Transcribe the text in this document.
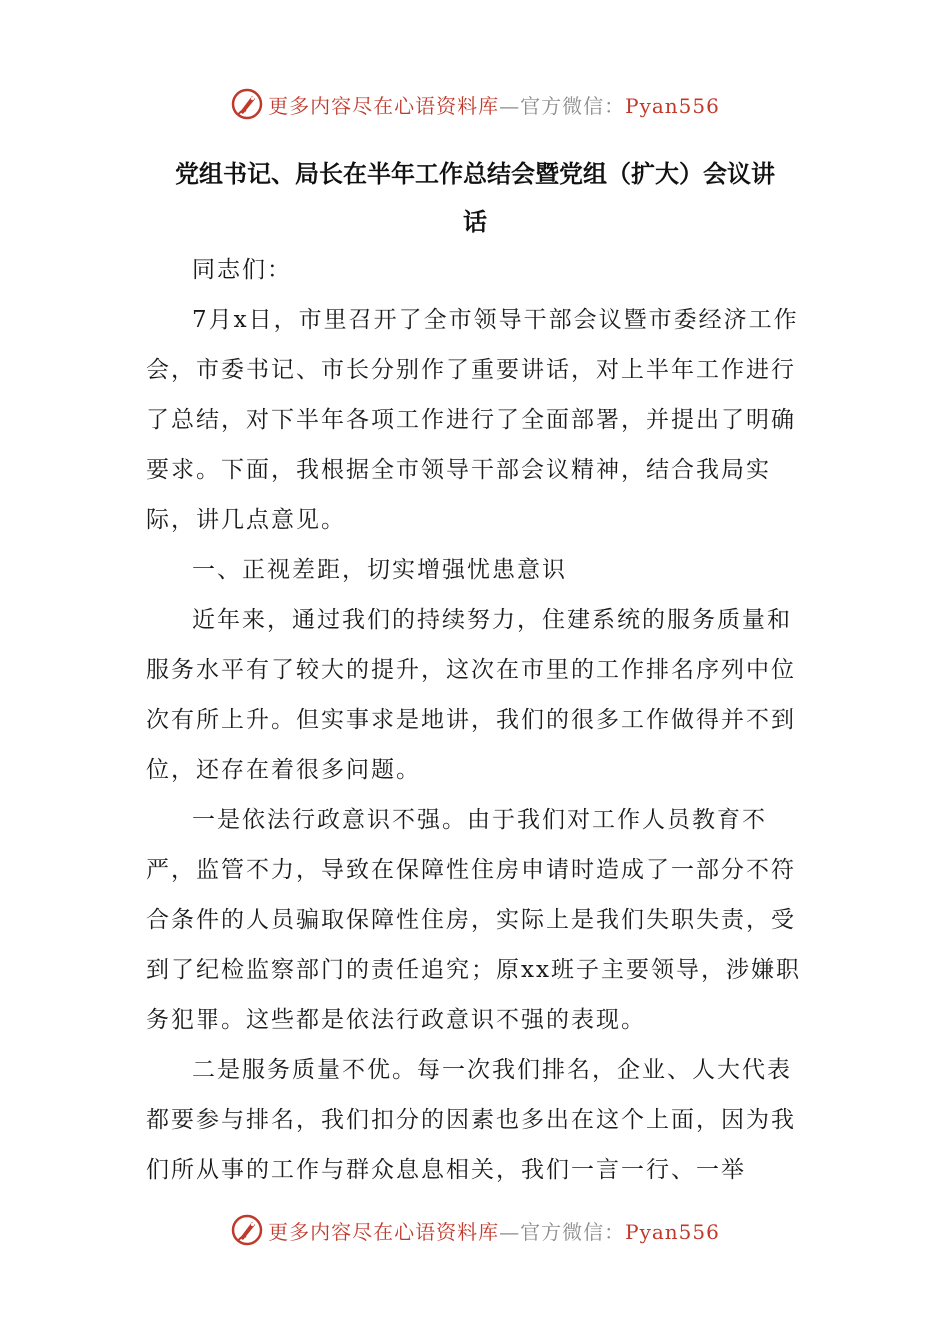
更多内容尽在心语资料库—官方微信：Pyan556
党组书记、局长在半年工作总结会暨党组（扩大）会议讲
话

同志们：

7月x日，市里召开了全市领导干部会议暨市委经济工作会，市委书记、市长分别作了重要讲话，对上半年工作进行了总结，对下半年各项工作进行了全面部署，并提出了明确要求。下面，我根据全市领导干部会议精神，结合我局实际，讲几点意见。

一、正视差距，切实增强忧患意识

近年来，通过我们的持续努力，住建系统的服务质量和服务水平有了较大的提升，这次在市里的工作排名序列中位次有所上升。但实事求是地讲，我们的很多工作做得并不到位，还存在着很多问题。

一是依法行政意识不强。由于我们对工作人员教育不严，监管不力，导致在保障性住房申请时造成了一部分不符合条件的人员骗取保障性住房，实际上是我们失职失责，受到了纪检监察部门的责任追究；原xx班子主要领导，涉嫌职务犯罪。这些都是依法行政意识不强的表现。

二是服务质量不优。每一次我们排名，企业、人大代表都要参与排名，我们扣分的因素也多出在这个上面，因为我们所从事的工作与群众息息相关，我们一言一行、一举

更多内容尽在心语资料库—官方微信：Pyan556
